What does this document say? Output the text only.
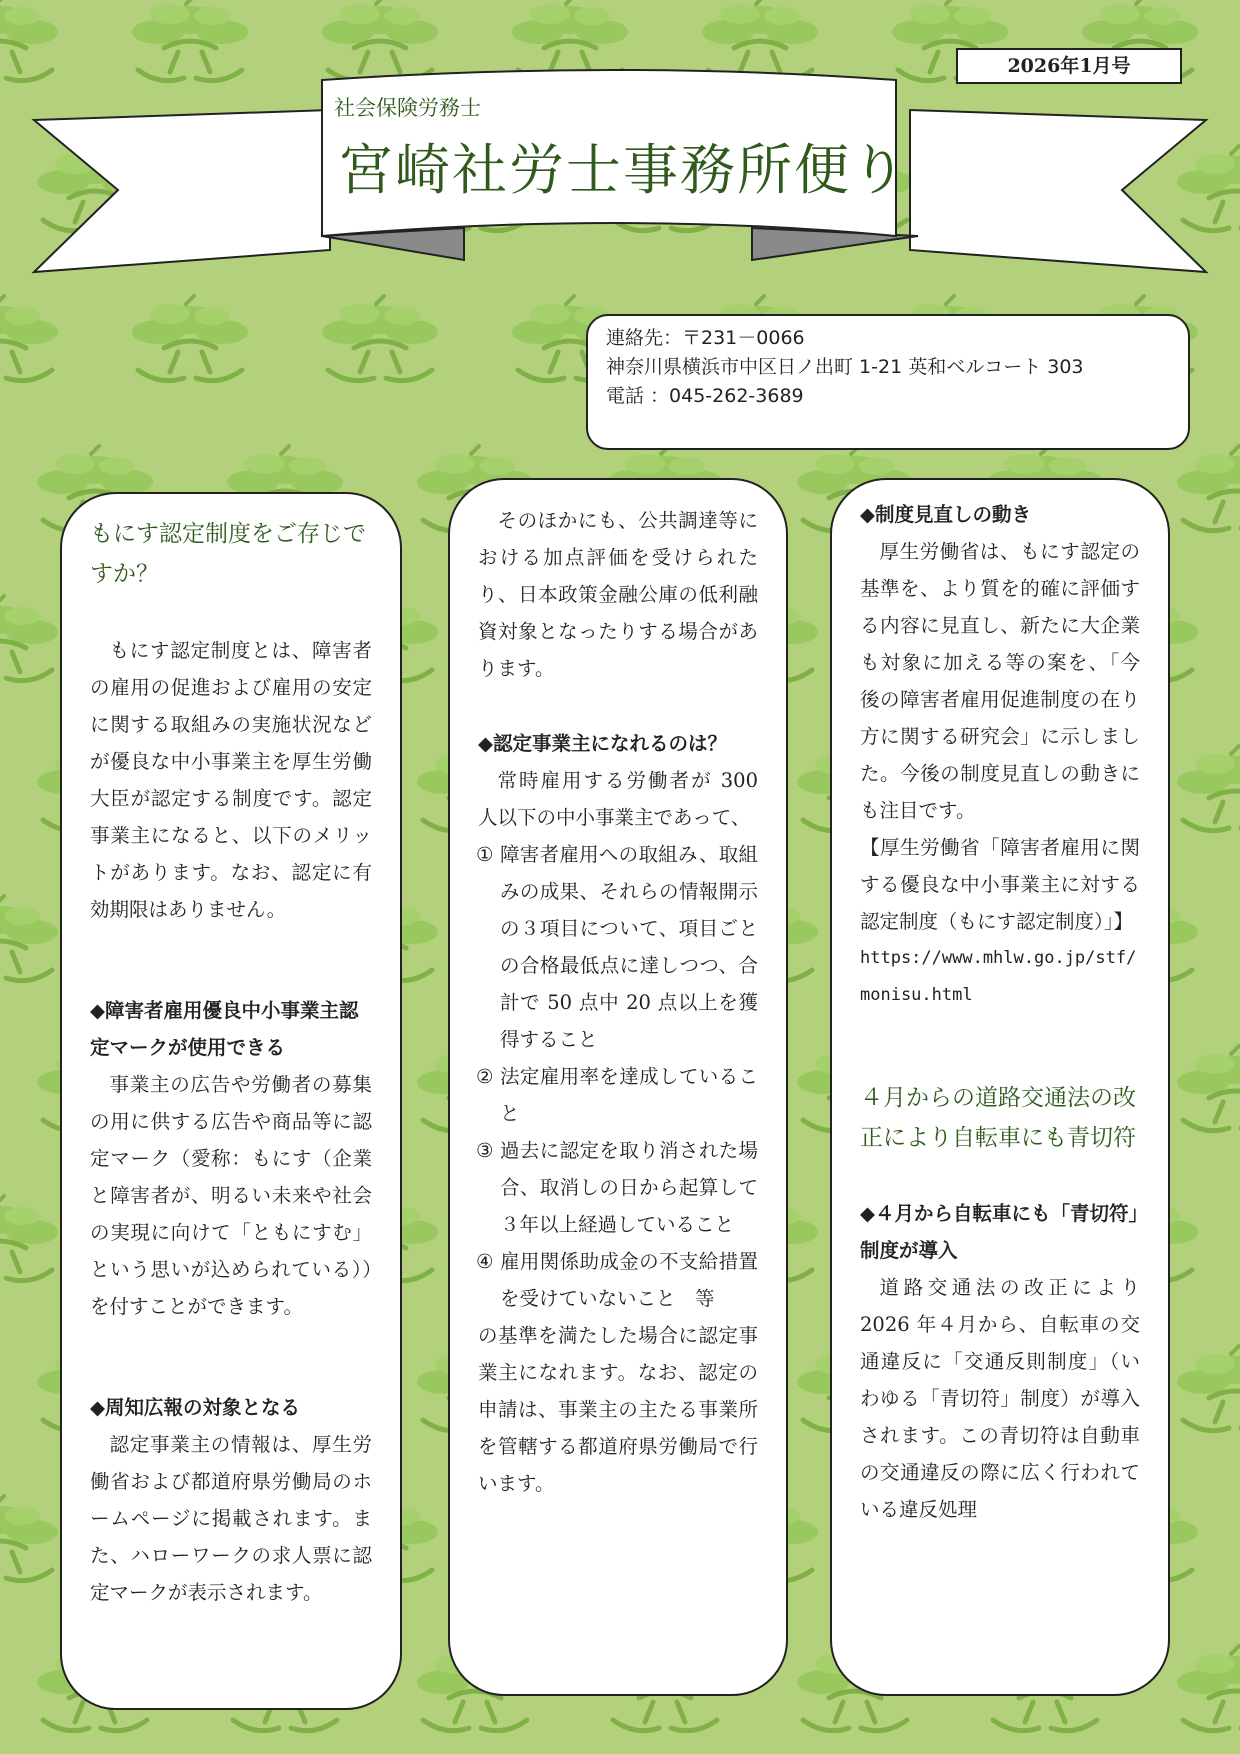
2026年1月号
社会保険労務士
宮崎社労士事務所便り
連絡先：〒231－0066
神奈川県横浜市中区日ノ出町 1-21 英和ベルコート 303
電話 ：045-262-3689
もにす認定制度をご存じですか？
もにす認定制度とは、障害者の雇用の促進および雇用の安定に関する取組みの実施状況などが優良な中小事業主を厚生労働大臣が認定する制度です。認定事業主になると、以下のメリットがあります。なお、認定に有効期限はありません。
◆障害者雇用優良中小事業主認定マークが使用できる
事業主の広告や労働者の募集の用に供する広告や商品等に認定マーク（愛称：もにす（企業と障害者が、明るい未来や社会の実現に向けて「ともにすむ」という思いが込められている））を付すことができます。
◆周知広報の対象となる
認定事業主の情報は、厚生労働省および都道府県労働局のホームページに掲載されます。また、ハローワークの求人票に認定マークが表示されます。
そのほかにも、公共調達等における加点評価を受けられたり、日本政策金融公庫の低利融資対象となったりする場合があります。
◆認定事業主になれるのは？
常時雇用する労働者が 300 人以下の中小事業主であって、
① 障害者雇用への取組み、取組みの成果、それらの情報開示の３項目について、項目ごとの合格最低点に達しつつ、合計で 50 点中 20 点以上を獲得すること
② 法定雇用率を達成していること
③ 過去に認定を取り消された場合、取消しの日から起算して３年以上経過していること
④ 雇用関係助成金の不支給措置を受けていないこと　等
の基準を満たした場合に認定事業主になれます。なお、認定の申請は、事業主の主たる事業所を管轄する都道府県労働局で行います。
◆制度見直しの動き
厚生労働省は、もにす認定の基準を、より質を的確に評価する内容に見直し、新たに大企業も対象に加える等の案を、「今後の障害者雇用促進制度の在り方に関する研究会」に示しました。今後の制度見直しの動きにも注目です。
【厚生労働省「障害者雇用に関する優良な中小事業主に対する認定制度（もにす認定制度）」】
https://www.mhlw.go.jp/stf/monisu.html
４月からの道路交通法の改正により自転車にも青切符
◆４月から自転車にも「青切符」制度が導入
道路交通法の改正により 2026 年４月から、自転車の交通違反に「交通反則制度」（いわゆる「青切符」制度）が導入されます。この青切符は自動車の交通違反の際に広く行われている違反処理
